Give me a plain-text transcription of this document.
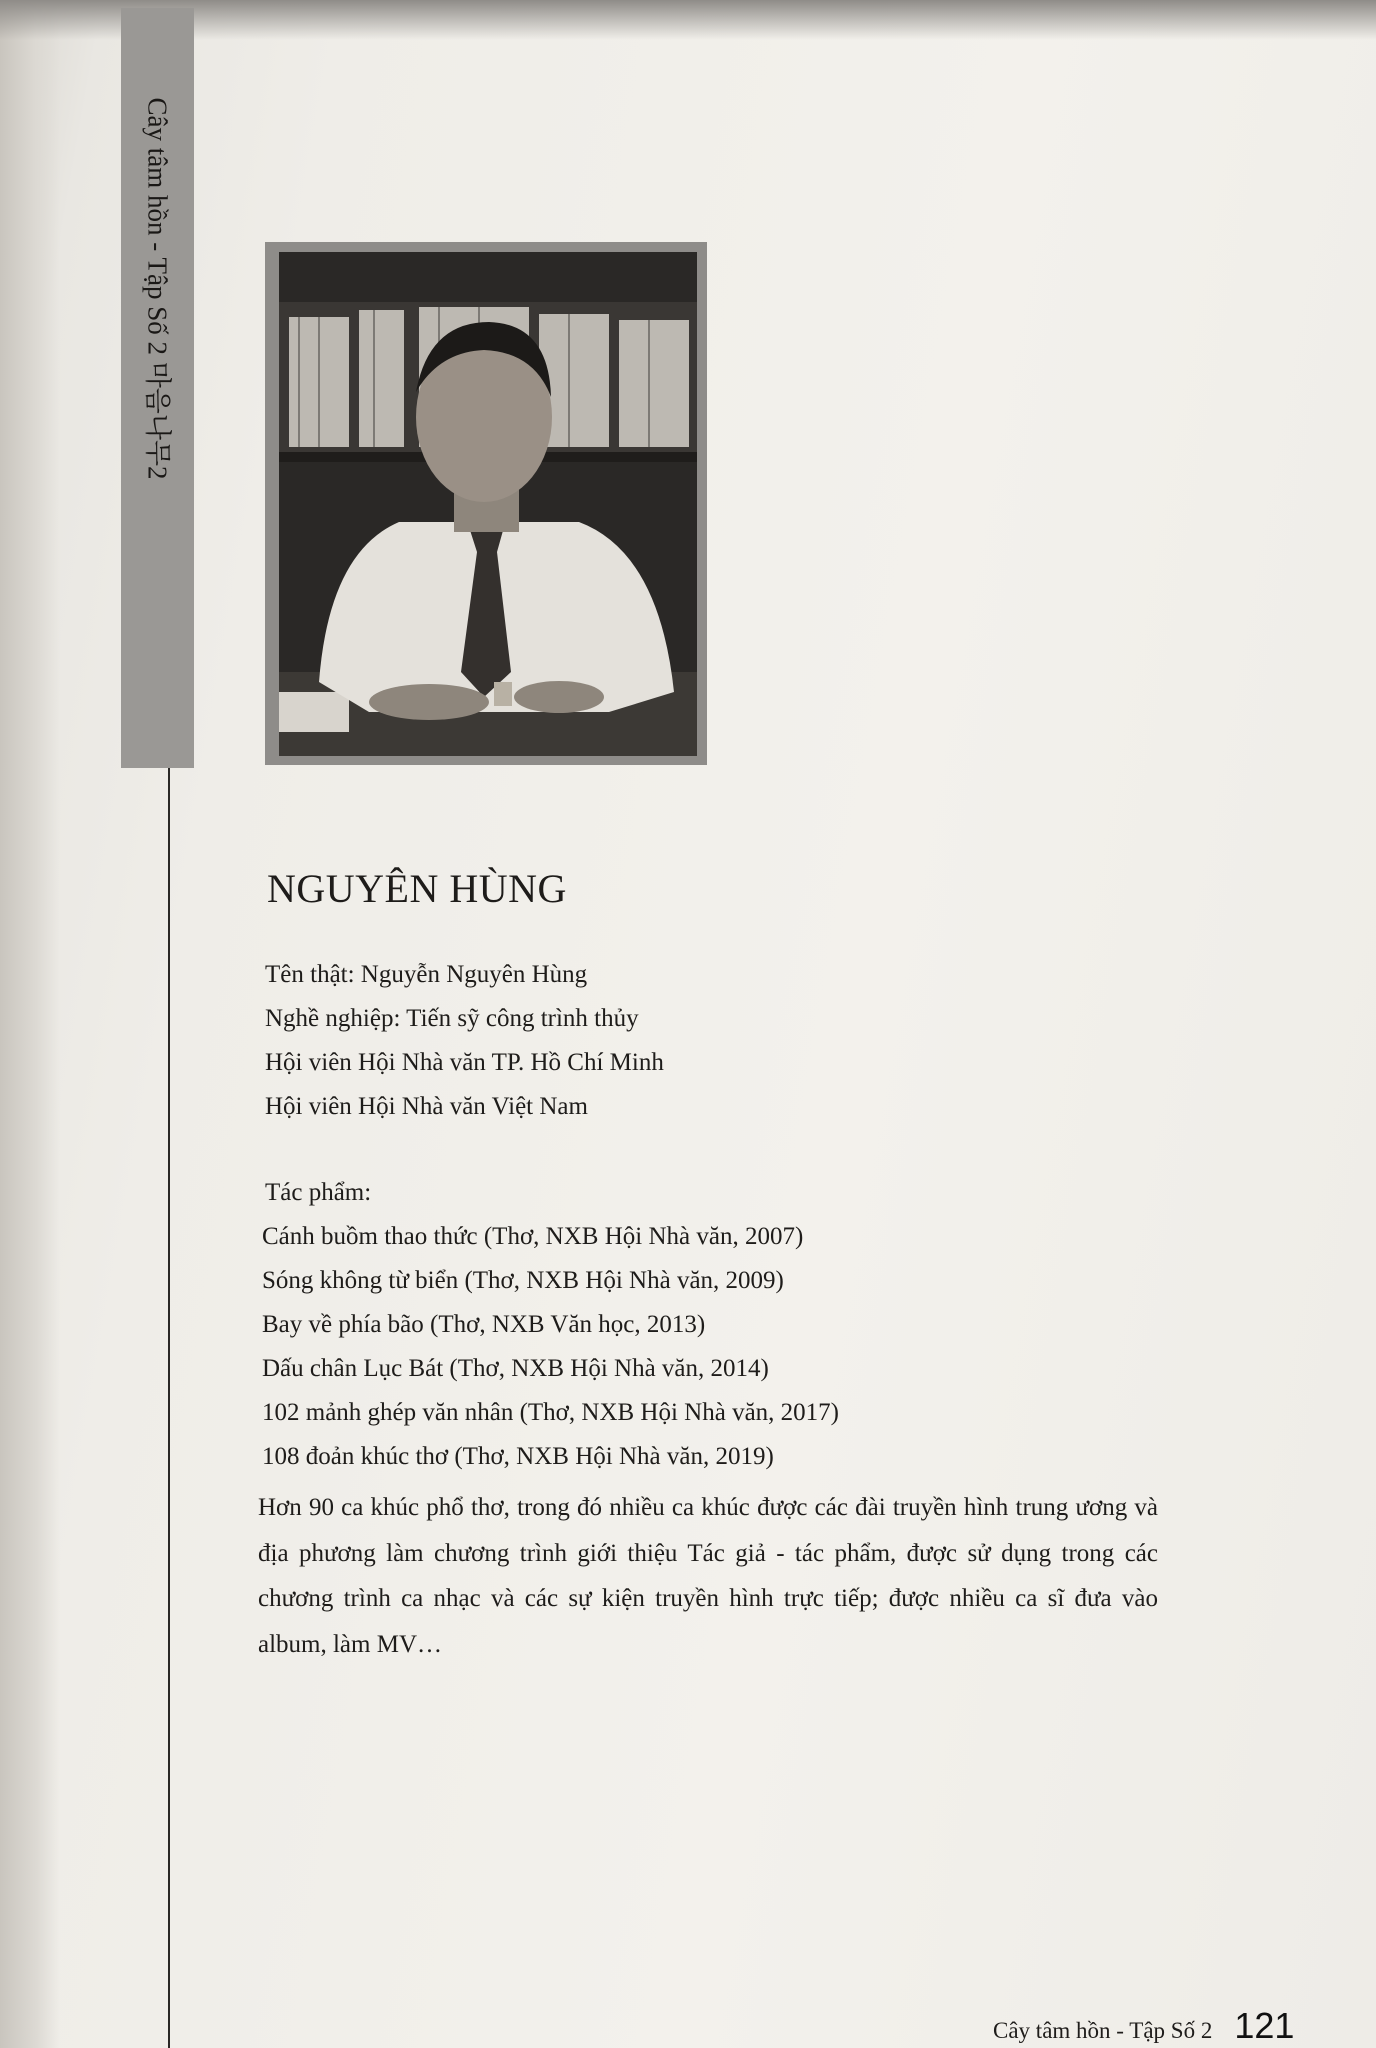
Cây tâm hồn - Tập Số 2 마음나무2
NGUYÊN HÙNG
Tên thật: Nguyễn Nguyên Hùng
Nghề nghiệp: Tiến sỹ công trình thủy
Hội viên Hội Nhà văn TP. Hồ Chí Minh
Hội viên Hội Nhà văn Việt Nam
Tác phẩm:
Cánh buồm thao thức (Thơ, NXB Hội Nhà văn, 2007)
Sóng không từ biển (Thơ, NXB Hội Nhà văn, 2009)
Bay về phía bão (Thơ, NXB Văn học, 2013)
Dấu chân Lục Bát (Thơ, NXB Hội Nhà văn, 2014)
102 mảnh ghép văn nhân (Thơ, NXB Hội Nhà văn, 2017)
108 đoản khúc thơ (Thơ, NXB Hội Nhà văn, 2019)
Hơn 90 ca khúc phổ thơ, trong đó nhiều ca khúc được các đài truyền hình trung ương và địa phương làm chương trình giới thiệu Tác giả - tác phẩm, được sử dụng trong các chương trình ca nhạc và các sự kiện truyền hình trực tiếp; được nhiều ca sĩ đưa vào album, làm MV…
Cây tâm hồn - Tập Số 2 121
